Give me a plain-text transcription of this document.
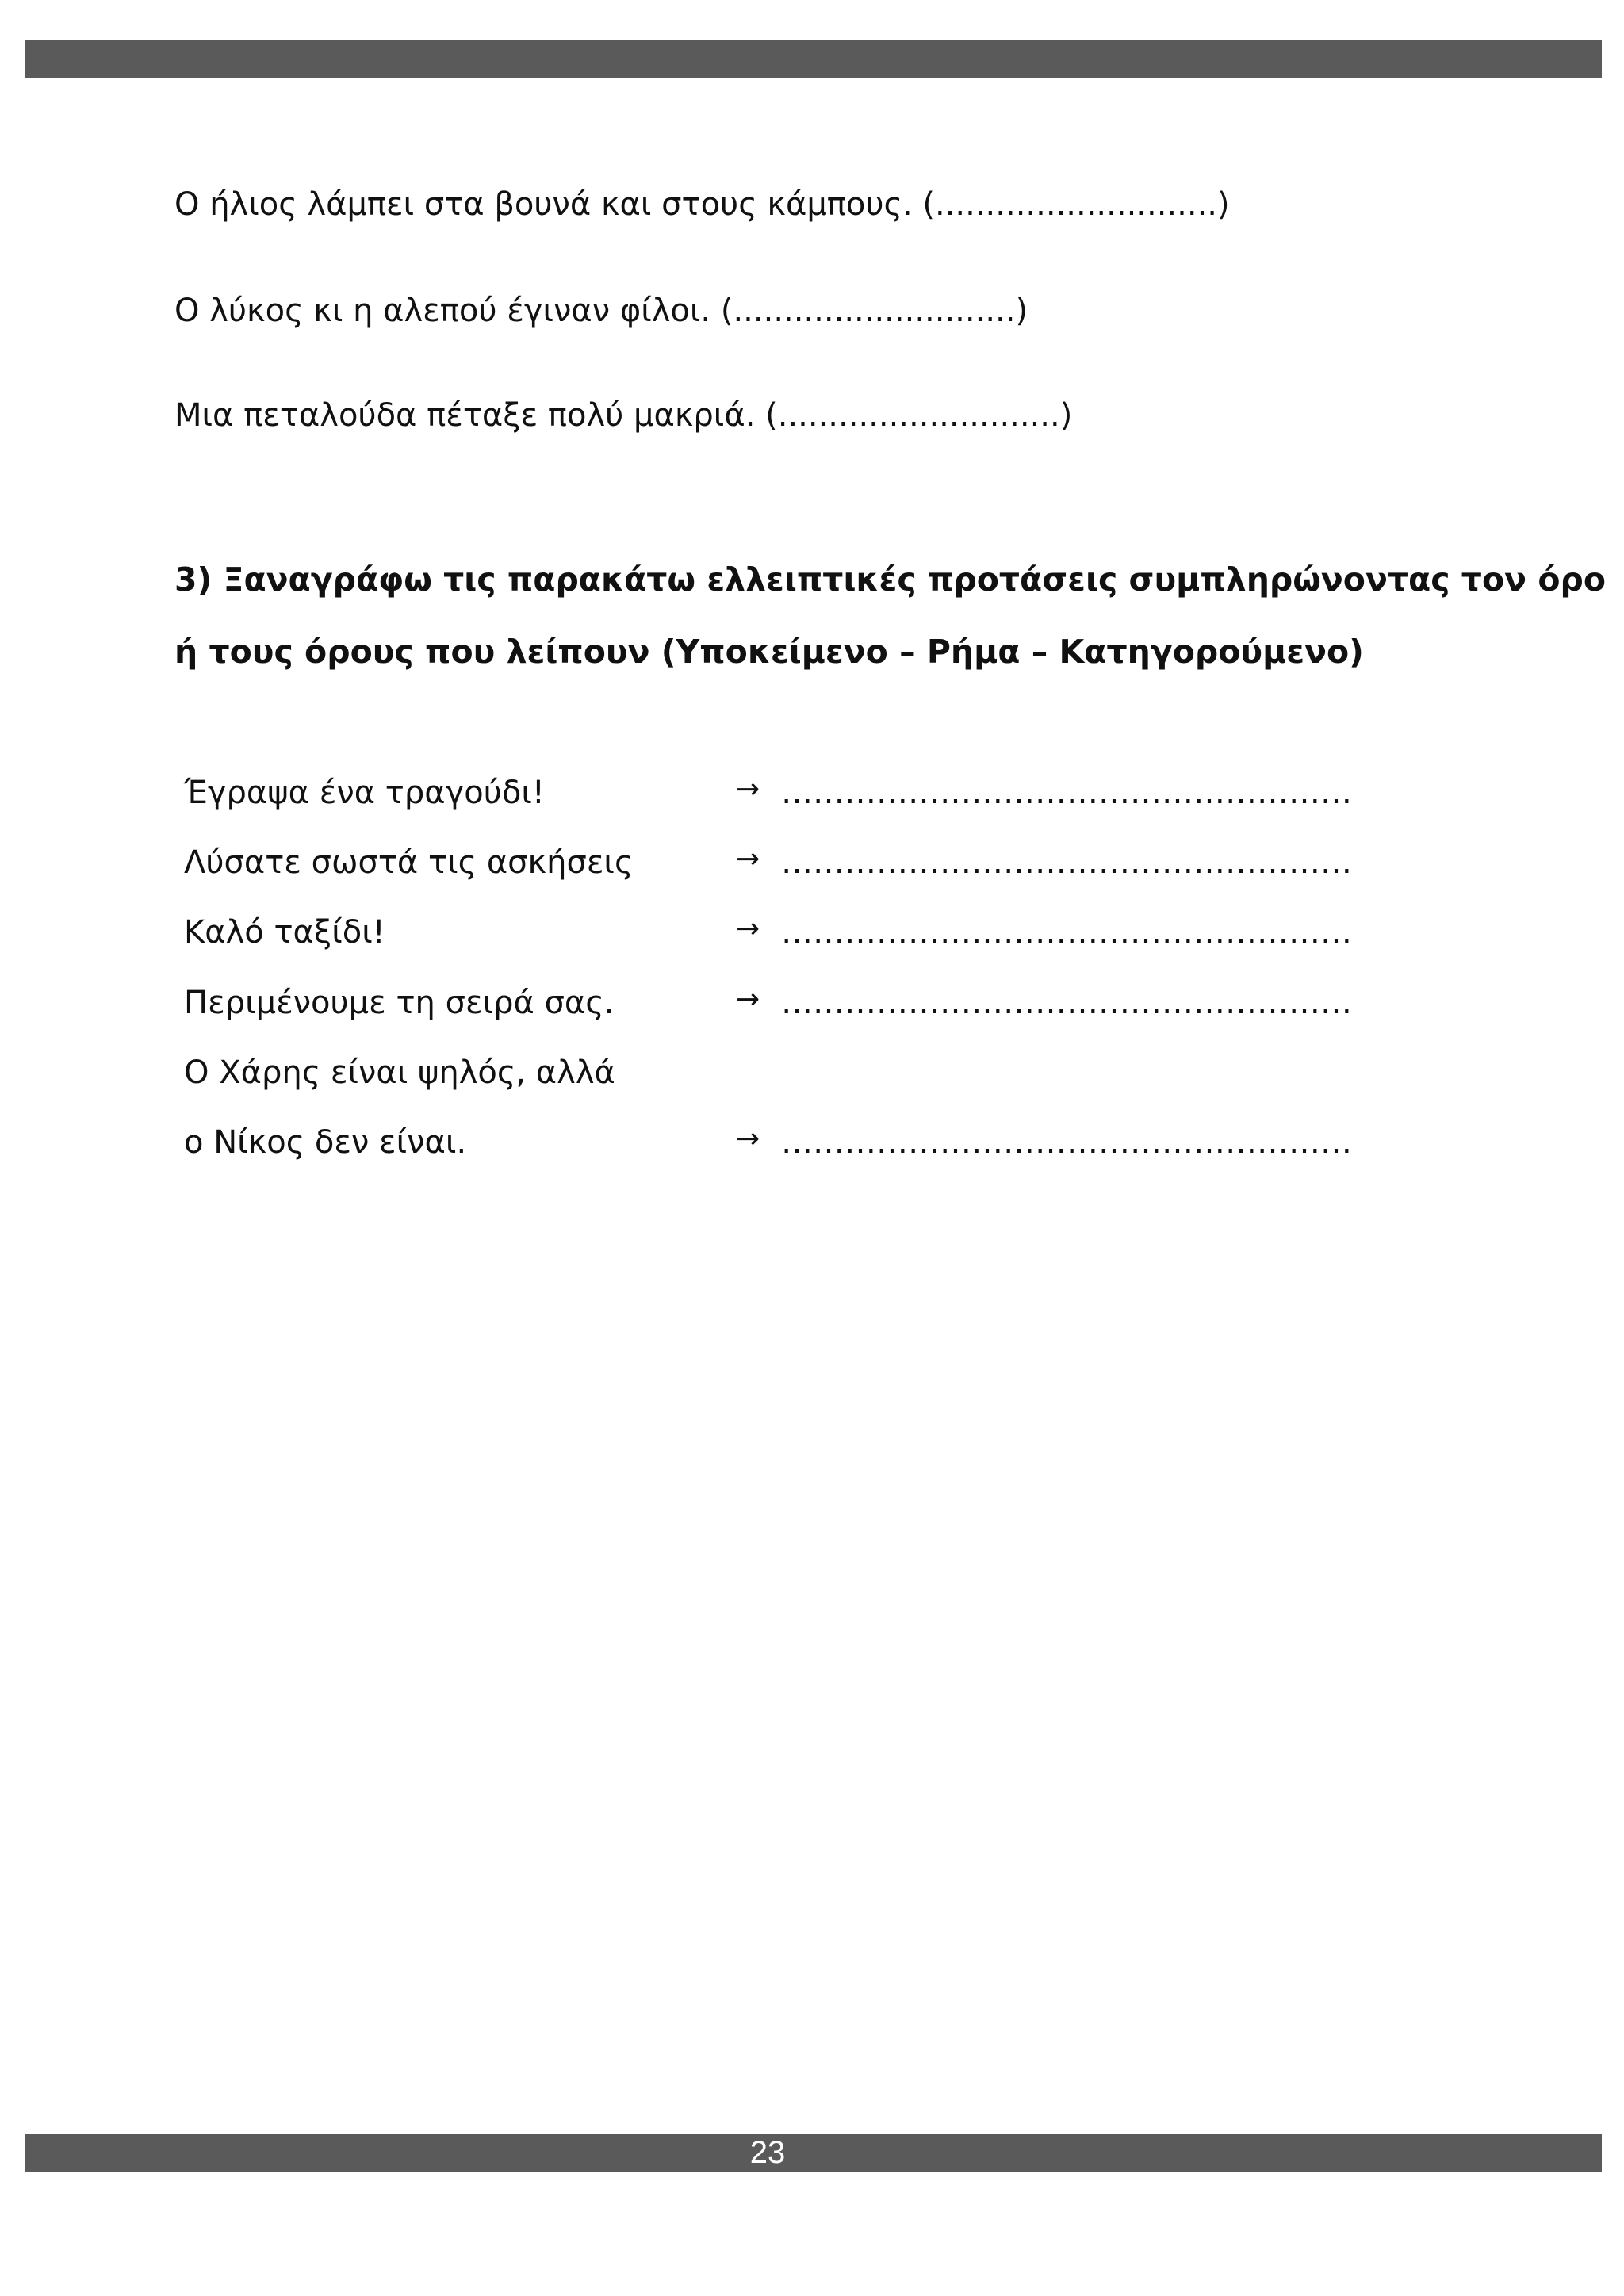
Ο ήλιος λάμπει στα βουνά και στους κάμπους. (............................)
Ο λύκος κι η αλεπού έγιναν φίλοι. (............................)
Μια πεταλούδα πέταξε πολύ μακριά. (............................)
3) Ξαναγράφω τις παρακάτω ελλειπτικές προτάσεις συμπληρώνοντας τον όρο
ή τους όρους που λείπουν (Υποκείμενο – Ρήμα – Κατηγορούμενο)
Έγραψα ένα τραγούδι!	→ ………………………………………………
Λύσατε σωστά τις ασκήσεις	→ ………………………………………………
Καλό ταξίδι!	→ ………………………………………………
Περιμένουμε τη σειρά σας.	→ ………………………………………………
Ο Χάρης είναι ψηλός, αλλά
ο Νίκος δεν είναι.	→ ………………………………………………
23
